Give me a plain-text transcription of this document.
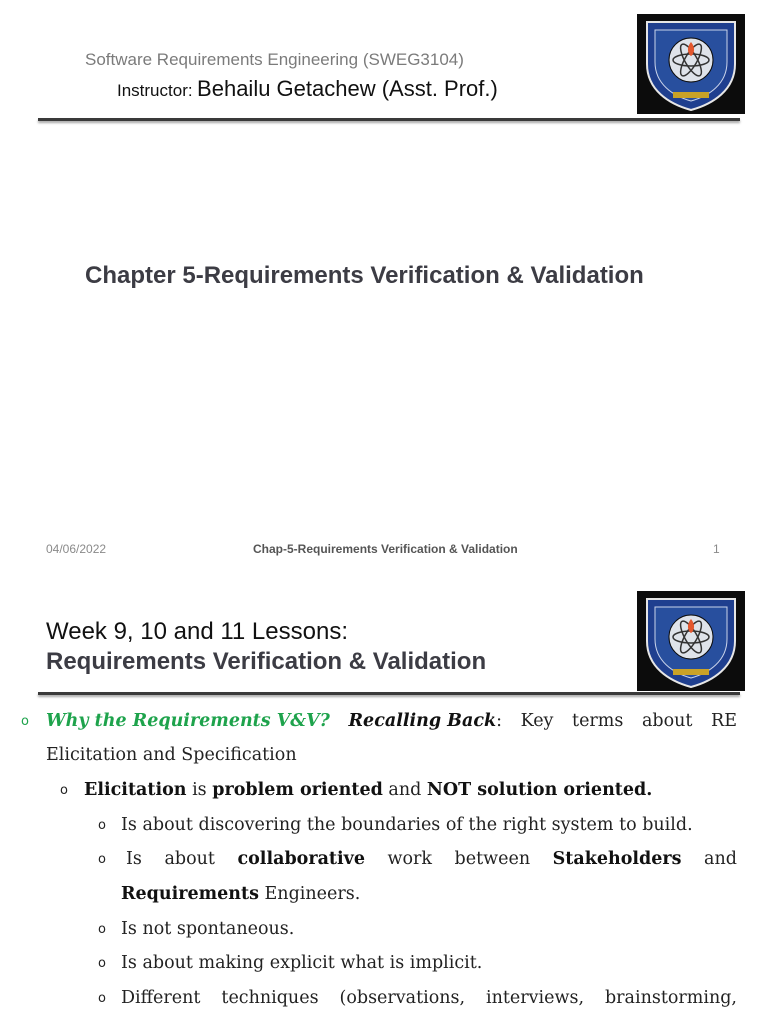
Software Requirements Engineering (SWEG3104)
Instructor: Behailu Getachew (Asst. Prof.)
Chapter 5-Requirements Verification & Validation
04/06/2022	Chap-5-Requirements Verification & Validation	1
Week 9, 10 and 11 Lessons:
Requirements Verification & Validation
o Why the Requirements V&V? Recalling Back: Key terms about RE
Elicitation and Specification
o Elicitation is problem oriented and NOT solution oriented.
o Is about discovering the boundaries of the right system to build.
o Is about collaborative work between Stakeholders and
Requirements Engineers.
o Is not spontaneous.
o Is about making explicit what is implicit.
o Different techniques (observations, interviews, brainstorming,
